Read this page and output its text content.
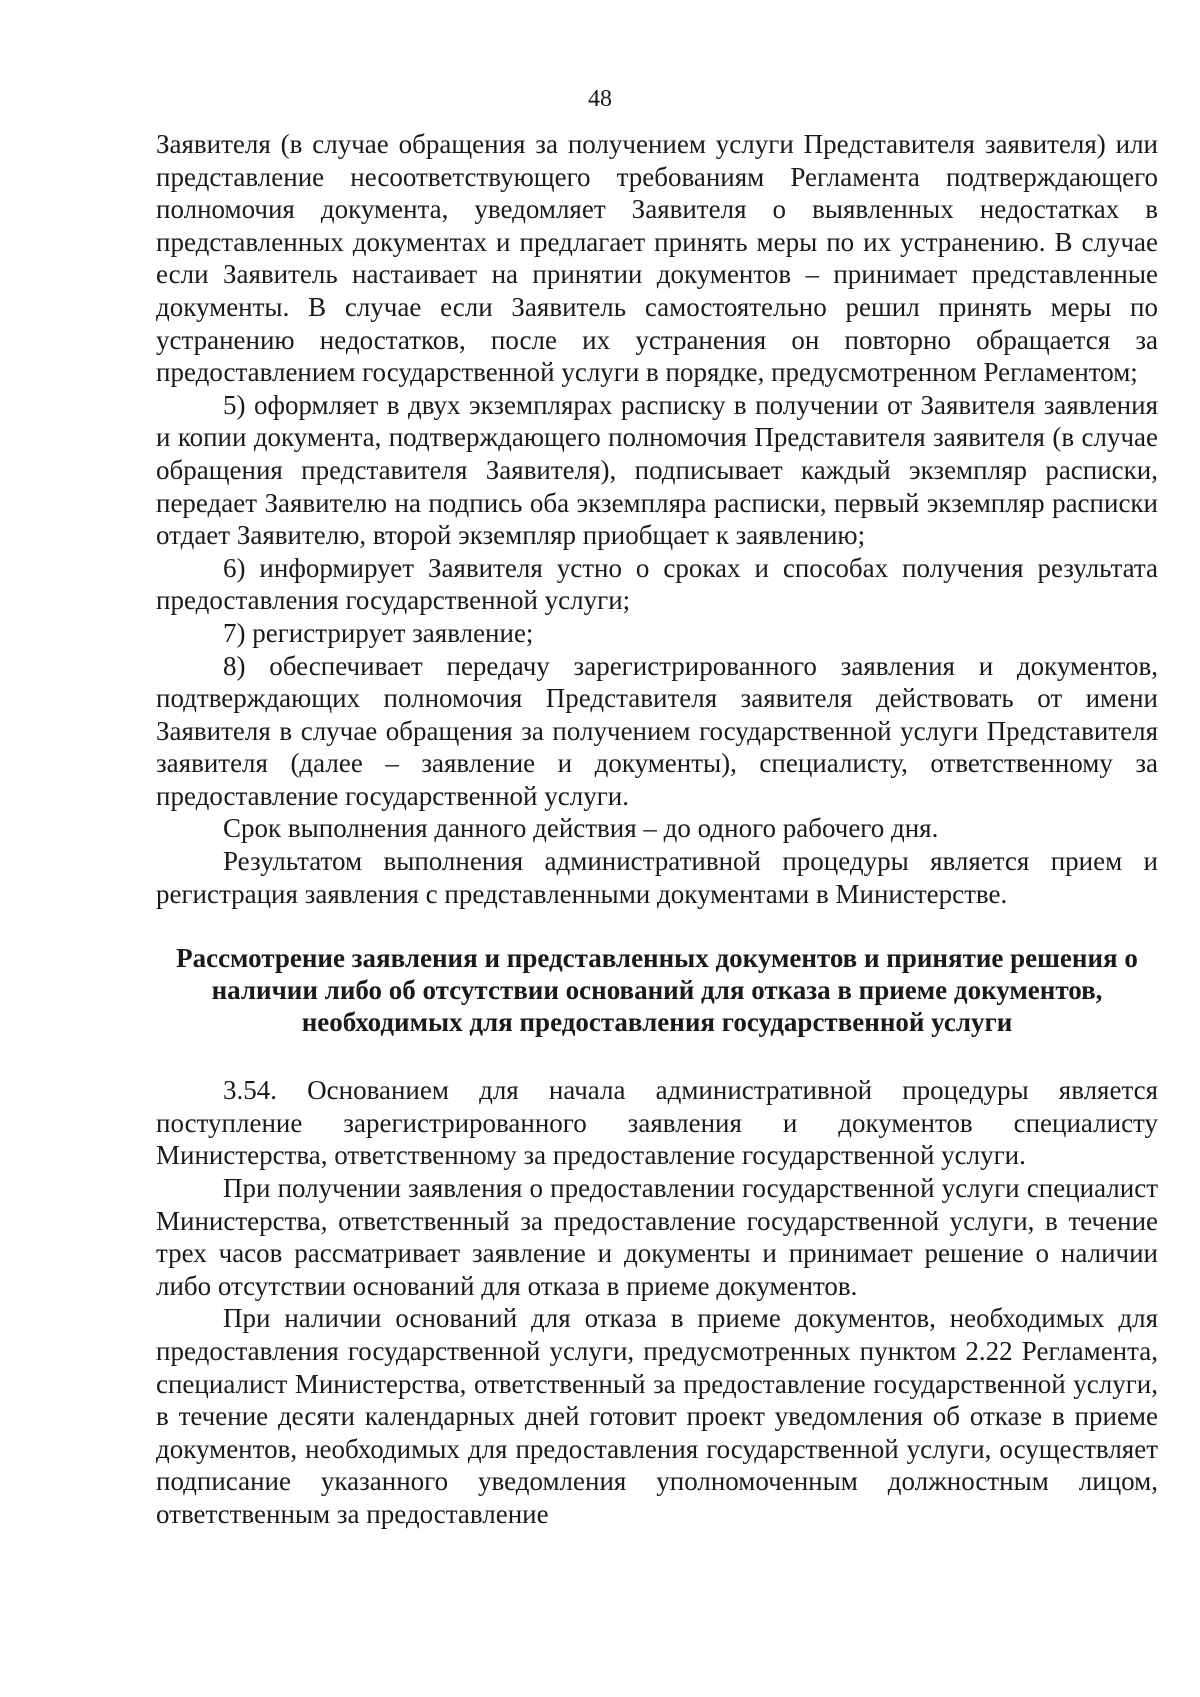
48

Заявителя (в случае обращения за получением услуги Представителя заявителя) или представление несоответствующего требованиям Регламента подтверждающего полномочия документа, уведомляет Заявителя о выявленных недостатках в представленных документах и предлагает принять меры по их устранению. В случае если Заявитель настаивает на принятии документов – принимает представленные документы. В случае если Заявитель самостоятельно решил принять меры по устранению недостатков, после их устранения он повторно обращается за предоставлением государственной услуги в порядке, предусмотренном Регламентом;

5) оформляет в двух экземплярах расписку в получении от Заявителя заявления и копии документа, подтверждающего полномочия Представителя заявителя (в случае обращения представителя Заявителя), подписывает каждый экземпляр расписки, передает Заявителю на подпись оба экземпляра расписки, первый экземпляр расписки отдает Заявителю, второй экземпляр приобщает к заявлению;

6) информирует Заявителя устно о сроках и способах получения результата предоставления государственной услуги;

7) регистрирует заявление;

8) обеспечивает передачу зарегистрированного заявления и документов, подтверждающих полномочия Представителя заявителя действовать от имени Заявителя в случае обращения за получением государственной услуги Представителя заявителя (далее – заявление и документы), специалисту, ответственному за предоставление государственной услуги.

Срок выполнения данного действия – до одного рабочего дня.

Результатом выполнения административной процедуры является прием и регистрация заявления с представленными документами в Министерстве.

Рассмотрение заявления и представленных документов и принятие решения о наличии либо об отсутствии оснований для отказа в приеме документов, необходимых для предоставления государственной услуги

3.54. Основанием для начала административной процедуры является поступление зарегистрированного заявления и документов специалисту Министерства, ответственному за предоставление государственной услуги.

При получении заявления о предоставлении государственной услуги специалист Министерства, ответственный за предоставление государственной услуги, в течение трех часов рассматривает заявление и документы и принимает решение о наличии либо отсутствии оснований для отказа в приеме документов.

При наличии оснований для отказа в приеме документов, необходимых для предоставления государственной услуги, предусмотренных пунктом 2.22 Регламента, специалист Министерства, ответственный за предоставление государственной услуги, в течение десяти календарных дней готовит проект уведомления об отказе в приеме документов, необходимых для предоставления государственной услуги, осуществляет подписание указанного уведомления уполномоченным должностным лицом, ответственным за предоставление
